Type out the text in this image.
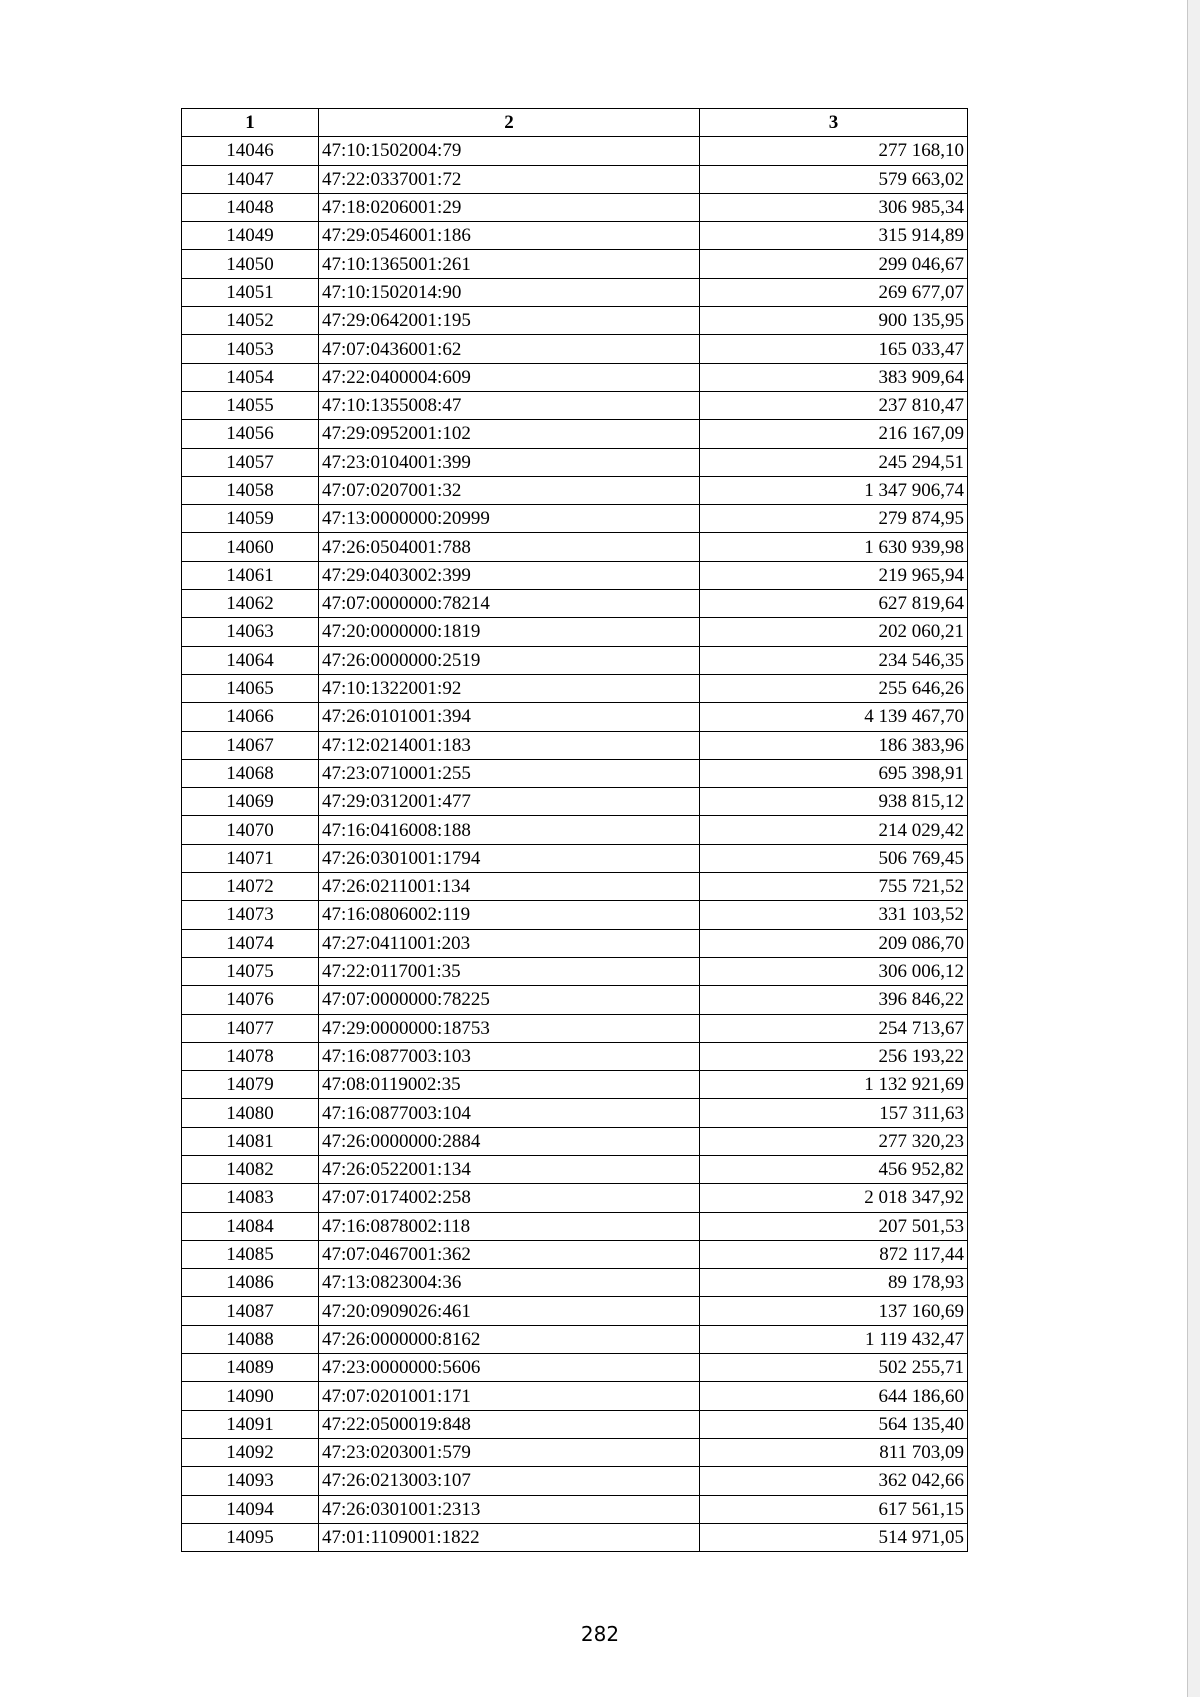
1	2	3
14046	47:10:1502004:79	277 168,10
14047	47:22:0337001:72	579 663,02
14048	47:18:0206001:29	306 985,34
14049	47:29:0546001:186	315 914,89
14050	47:10:1365001:261	299 046,67
14051	47:10:1502014:90	269 677,07
14052	47:29:0642001:195	900 135,95
14053	47:07:0436001:62	165 033,47
14054	47:22:0400004:609	383 909,64
14055	47:10:1355008:47	237 810,47
14056	47:29:0952001:102	216 167,09
14057	47:23:0104001:399	245 294,51
14058	47:07:0207001:32	1 347 906,74
14059	47:13:0000000:20999	279 874,95
14060	47:26:0504001:788	1 630 939,98
14061	47:29:0403002:399	219 965,94
14062	47:07:0000000:78214	627 819,64
14063	47:20:0000000:1819	202 060,21
14064	47:26:0000000:2519	234 546,35
14065	47:10:1322001:92	255 646,26
14066	47:26:0101001:394	4 139 467,70
14067	47:12:0214001:183	186 383,96
14068	47:23:0710001:255	695 398,91
14069	47:29:0312001:477	938 815,12
14070	47:16:0416008:188	214 029,42
14071	47:26:0301001:1794	506 769,45
14072	47:26:0211001:134	755 721,52
14073	47:16:0806002:119	331 103,52
14074	47:27:0411001:203	209 086,70
14075	47:22:0117001:35	306 006,12
14076	47:07:0000000:78225	396 846,22
14077	47:29:0000000:18753	254 713,67
14078	47:16:0877003:103	256 193,22
14079	47:08:0119002:35	1 132 921,69
14080	47:16:0877003:104	157 311,63
14081	47:26:0000000:2884	277 320,23
14082	47:26:0522001:134	456 952,82
14083	47:07:0174002:258	2 018 347,92
14084	47:16:0878002:118	207 501,53
14085	47:07:0467001:362	872 117,44
14086	47:13:0823004:36	89 178,93
14087	47:20:0909026:461	137 160,69
14088	47:26:0000000:8162	1 119 432,47
14089	47:23:0000000:5606	502 255,71
14090	47:07:0201001:171	644 186,60
14091	47:22:0500019:848	564 135,40
14092	47:23:0203001:579	811 703,09
14093	47:26:0213003:107	362 042,66
14094	47:26:0301001:2313	617 561,15
14095	47:01:1109001:1822	514 971,05
282
